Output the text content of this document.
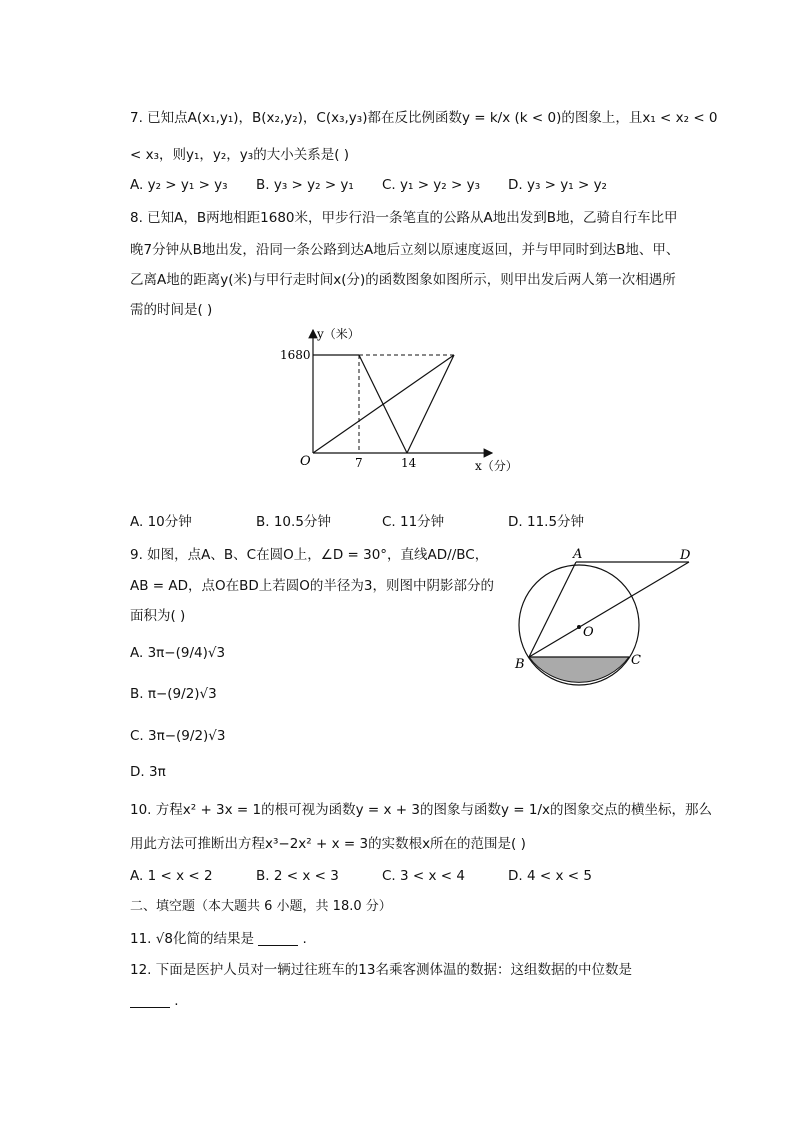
7. 已知点A(x₁,y₁)，B(x₂,y₂)，C(x₃,y₃)都在反比例函数y = k/x (k < 0)的图象上，且x₁ < x₂ < 0
< x₃，则y₁，y₂，y₃的大小关系是( )
A. y₂ > y₁ > y₃	B. y₃ > y₂ > y₁	C. y₁ > y₂ > y₃	D. y₃ > y₁ > y₂
8. 已知A，B两地相距1680米，甲步行沿一条笔直的公路从A地出发到B地，乙骑自行车比甲
晚7分钟从B地出发，沿同一条公路到达A地后立刻以原速度返回，并与甲同时到达B地、甲、
乙离A地的距离y(米)与甲行走时间x(分)的函数图象如图所示，则甲出发后两人第一次相遇所
需的时间是( )
y（米）
1680
O	7	14	x（分）
A. 10分钟	B. 10.5分钟	C. 11分钟	D. 11.5分钟
9. 如图，点A、B、C在圆O上，∠D = 30°，直线AD//BC，
AB = AD，点O在BD上若圆O的半径为3，则图中阴影部分的
面积为( )
A. 3π−(9/4)√3
B. π−(9/2)√3
C. 3π−(9/2)√3
D. 3π
A	D
O
B	C
10. 方程x² + 3x = 1的根可视为函数y = x + 3的图象与函数y = 1/x的图象交点的横坐标，那么
用此方法可推断出方程x³−2x² + x = 3的实数根x所在的范围是( )
A. 1 < x < 2	B. 2 < x < 3	C. 3 < x < 4	D. 4 < x < 5
二、填空题（本大题共 6 小题，共 18.0 分）
11. √8化简的结果是	.
12. 下面是医护人员对一辆过往班车的13名乘客测体温的数据：这组数据的中位数是
.
